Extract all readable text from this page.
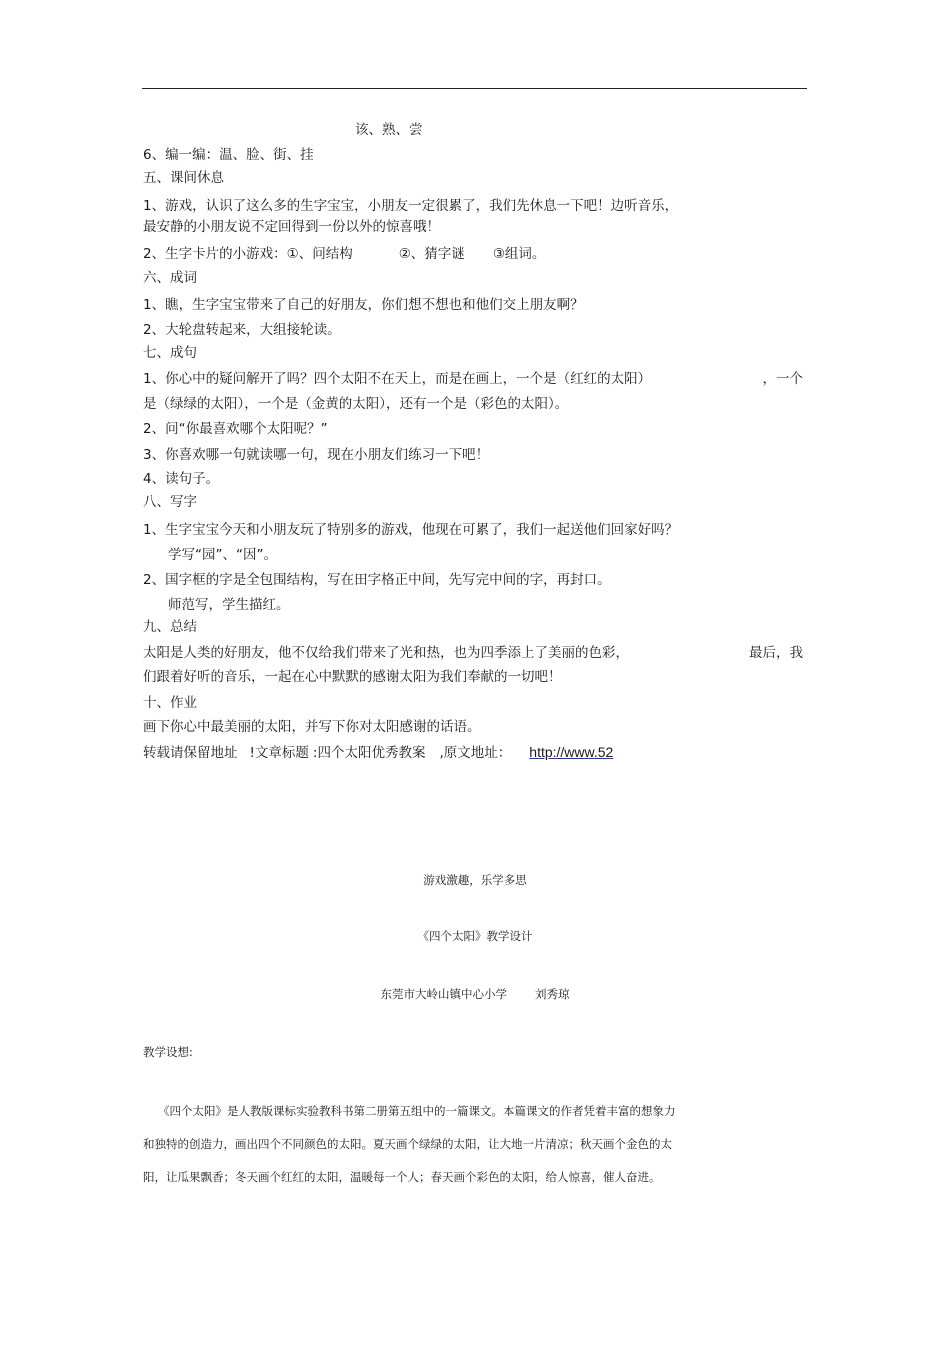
该、熟、尝
6、编一编：温、脸、街、挂
五、课间休息
1、游戏，认识了这么多的生字宝宝，小朋友一定很累了，我们先休息一下吧！边听音乐，
最安静的小朋友说不定回得到一份以外的惊喜哦！
2、生字卡片的小游戏：①、问结构	②、猜字谜 ③组词。
六、成词
1、瞧，生字宝宝带来了自己的好朋友，你们想不想也和他们交上朋友啊？
2、大轮盘转起来，大组接轮读。
七、成句
1、你心中的疑问解开了吗？四个太阳不在天上，而是在画上，一个是（红红的太阳）	，一个
是（绿绿的太阳），一个是（金黄的太阳），还有一个是（彩色的太阳）。
2、问“你最喜欢哪个太阳呢？”
3、你喜欢哪一句就读哪一句，现在小朋友们练习一下吧！
4、读句子。
八、写字
1、生字宝宝今天和小朋友玩了特别多的游戏，他现在可累了，我们一起送他们回家好吗？
学写“园”、“因”。
2、国字框的字是全包围结构，写在田字格正中间，先写完中间的字，再封口。
师范写，学生描红。
九、总结
太阳是人类的好朋友，他不仅给我们带来了光和热，也为四季添上了美丽的色彩，	最后，我
们跟着好听的音乐，一起在心中默默的感谢太阳为我们奉献的一切吧！
十、作业
画下你心中最美丽的太阳，并写下你对太阳感谢的话语。
转载请保留地址 !文章标题 :四个太阳优秀教案 ,原文地址： http://www.52
游戏激趣，乐学多思
《四个太阳》教学设计
东莞市大岭山镇中心小学 刘秀琼
教学设想:
《四个太阳》是人教版课标实验教科书第二册第五组中的一篇课文。本篇课文的作者凭着丰富的想象力
和独特的创造力，画出四个不同颜色的太阳。夏天画个绿绿的太阳，让大地一片清凉；秋天画个金色的太
阳，让瓜果飘香；冬天画个红红的太阳，温暖每一个人；春天画个彩色的太阳，给人惊喜，催人奋进。
